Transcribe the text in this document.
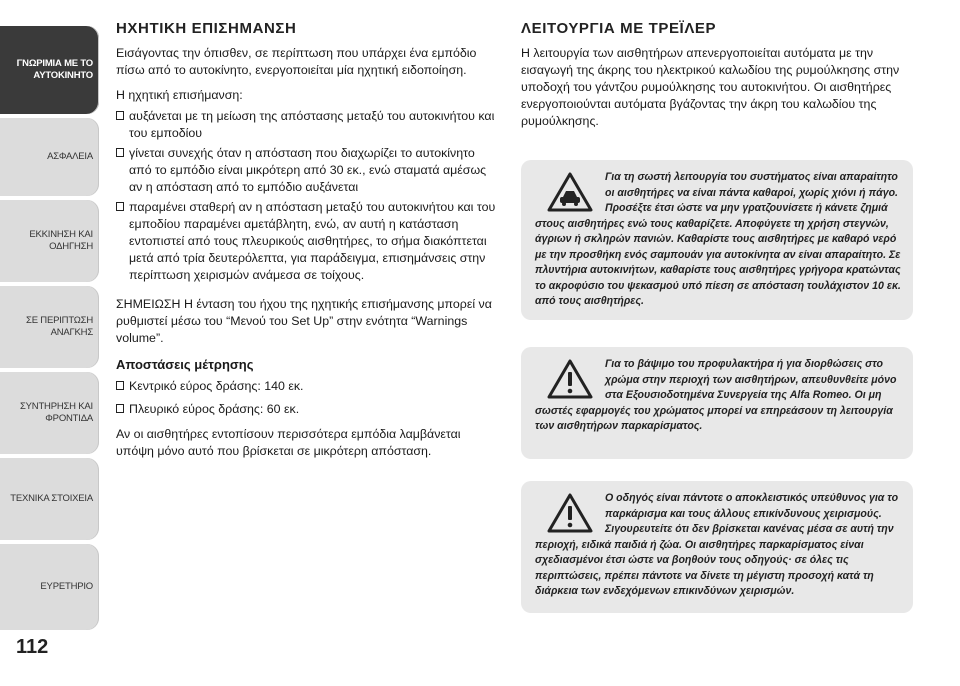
ΓΝΩΡΙΜΙΑ ΜΕ ΤΟ ΑΥΤΟΚΙΝΗΤΟ
ΑΣΦΑΛΕΙΑ
ΕΚΚΙΝΗΣΗ ΚΑΙ ΟΔΗΓΗΣΗ
ΣΕ ΠΕΡΙΠΤΩΣΗ ΑΝΑΓΚΗΣ
ΣΥΝΤΗΡΗΣΗ ΚΑΙ ΦΡΟΝΤΙΔΑ
ΤΕΧΝΙΚΑ ΣΤΟΙΧΕΙΑ
ΕΥΡΕΤΗΡΙΟ
112
ΗΧΗΤΙΚΗ ΕΠΙΣΗΜΑΝΣΗ

Εισάγοντας την όπισθεν, σε περίπτωση που υπάρχει ένα εμπόδιο πίσω από το αυτοκίνητο, ενεργοποιείται μία ηχητική ειδοποίηση.

Η ηχητική επισήμανση:

αυξάνεται με τη μείωση της απόστασης μεταξύ του αυτοκινήτου και του εμποδίου
γίνεται συνεχής όταν η απόσταση που διαχωρίζει το αυτοκίνητο από το εμπόδιο είναι μικρότερη από 30 εκ., ενώ σταματά αμέσως αν η απόσταση από το εμπόδιο αυξάνεται
παραμένει σταθερή αν η απόσταση μεταξύ του αυτοκινήτου και του εμποδίου παραμένει αμετάβλητη, ενώ, αν αυτή η κατάσταση εντοπιστεί από τους πλευρικούς αισθητήρες, το σήμα διακόπτεται μετά από τρία δευτερόλεπτα, για παράδειγμα, επισημάνσεις στην περίπτωση χειρισμών ανάμεσα σε τοίχους.

ΣΗΜΕΙΩΣΗ Η ένταση του ήχου της ηχητικής επισήμανσης μπορεί να ρυθμιστεί μέσω του “Μενού του Set Up” στην ενότητα “Warnings volume”.

Αποστάσεις μέτρησης
Κεντρικό εύρος δράσης: 140 εκ.
Πλευρικό εύρος δράσης: 60 εκ.

Αν οι αισθητήρες εντοπίσουν περισσότερα εμπόδια λαμβάνεται υπόψη μόνο αυτό που βρίσκεται σε μικρότερη απόσταση.

ΛΕΙΤΟΥΡΓΙΑ ΜΕ ΤΡΕΪΛΕΡ

Η λειτουργία των αισθητήρων απενεργοποιείται αυτόματα με την εισαγωγή της άκρης του ηλεκτρικού καλωδίου της ρυμούλκησης στην υποδοχή του γάντζου ρυμούλκησης του αυτοκινήτου. Οι αισθητήρες ενεργοποιούνται αυτόματα βγάζοντας την άκρη του καλωδίου της ρυμούλκησης.

Για τη σωστή λειτουργία του συστήματος είναι απαραίτητο οι αισθητήρες να είναι πάντα καθαροί, χωρίς χιόνι ή πάγο. Προσέξτε έτσι ώστε να μην γρατζουνίσετε ή κάνετε ζημιά στους αισθητήρες ενώ τους καθαρίζετε. Αποφύγετε τη χρήση στεγνών, άγριων ή σκληρών πανιών. Καθαρίστε τους αισθητήρες με καθαρό νερό με την προσθήκη ενός σαμπουάν για αυτοκίνητα αν είναι απαραίτητο. Σε πλυντήρια αυτοκινήτων, καθαρίστε τους αισθητήρες γρήγορα κρατώντας το ακροφύσιο του ψεκασμού υπό πίεση σε απόσταση τουλάχιστον 10 εκ. από τους αισθητήρες.
Για το βάψιμο του προφυλακτήρα ή για διορθώσεις στο χρώμα στην περιοχή των αισθητήρων, απευθυνθείτε μόνο στα Εξουσιοδοτημένα Συνεργεία της Alfa Romeo. Οι μη σωστές εφαρμογές του χρώματος μπορεί να επηρεάσουν τη λειτουργία των αισθητήρων παρκαρίσματος.
Ο οδηγός είναι πάντοτε ο αποκλειστικός υπεύθυνος για το παρκάρισμα και τους άλλους επικίνδυνους χειρισμούς. Σιγουρευτείτε ότι δεν βρίσκεται κανένας μέσα σε αυτή την περιοχή, ειδικά παιδιά ή ζώα. Οι αισθητήρες παρκαρίσματος είναι σχεδιασμένοι έτσι ώστε να βοηθούν τους οδηγούς· σε όλες τις περιπτώσεις, πρέπει πάντοτε να δίνετε τη μέγιστη προσοχή κατά τη διάρκεια των ενδεχόμενων επικινδύνων χειρισμών.
